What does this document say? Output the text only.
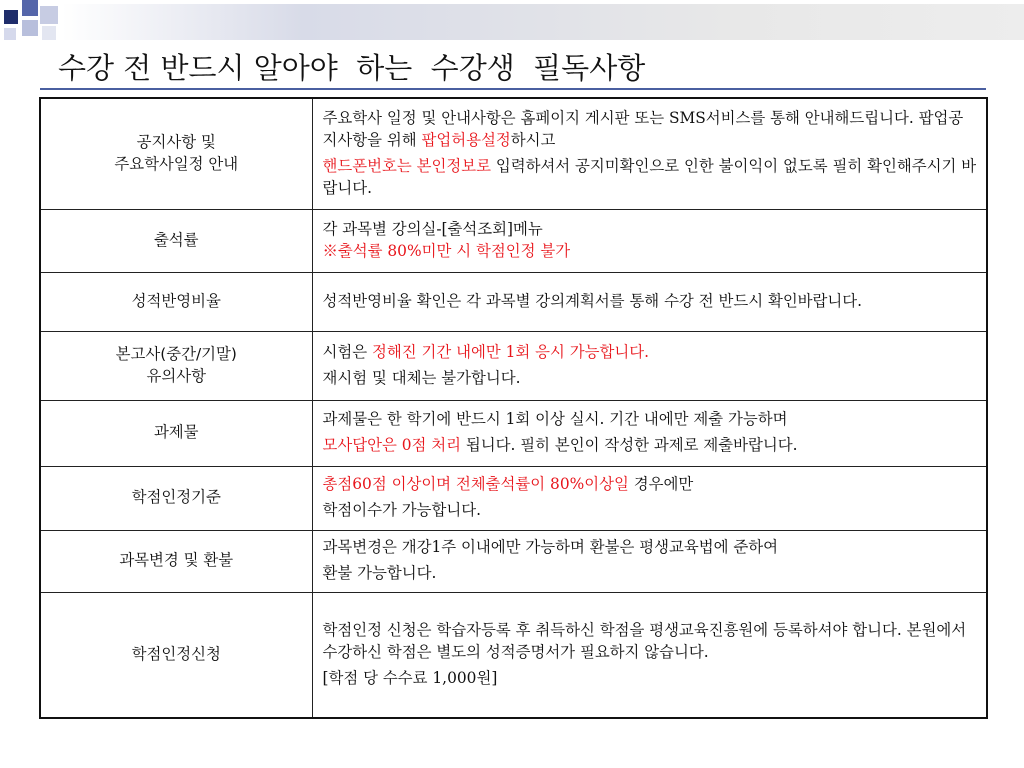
수강 전 반드시 알아야  하는  수강생  필독사항
공지사항 및
주요학사일정 안내	주요학사 일정 및 안내사항은 홈페이지 게시판 또는 SMS서비스를 통해 안내해드립니다. 팝업공지사항을 위해 팝업허용설정하시고
핸드폰번호는 본인정보로 입력하셔서 공지미확인으로 인한 불이익이 없도록 필히 확인해주시기 바랍니다.

출석률	각 과목별 강의실-[출석조회]메뉴
※출석률 80%미만 시 학점인정 불가

성적반영비율	성적반영비율 확인은 각 과목별 강의계획서를 통해 수강 전 반드시 확인바랍니다.

본고사(중간/기말)
유의사항	시험은 정해진 기간 내에만 1회 응시 가능합니다.
재시험 및 대체는 불가합니다.

과제물	과제물은 한 학기에 반드시 1회 이상 실시. 기간 내에만 제출 가능하며
모사답안은 0점 처리 됩니다. 필히 본인이 작성한 과제로 제출바랍니다.

학점인정기준	총점60점 이상이며 전체출석률이 80%이상일 경우에만
학점이수가 가능합니다.

과목변경 및 환불	과목변경은 개강1주 이내에만 가능하며 환불은 평생교육법에 준하여
환불 가능합니다.

학점인정신청	학점인정 신청은 학습자등록 후 취득하신 학점을 평생교육진흥원에 등록하셔야 합니다. 본원에서 수강하신 학점은 별도의 성적증명서가 필요하지 않습니다.
[학점 당 수수료 1,000원]
